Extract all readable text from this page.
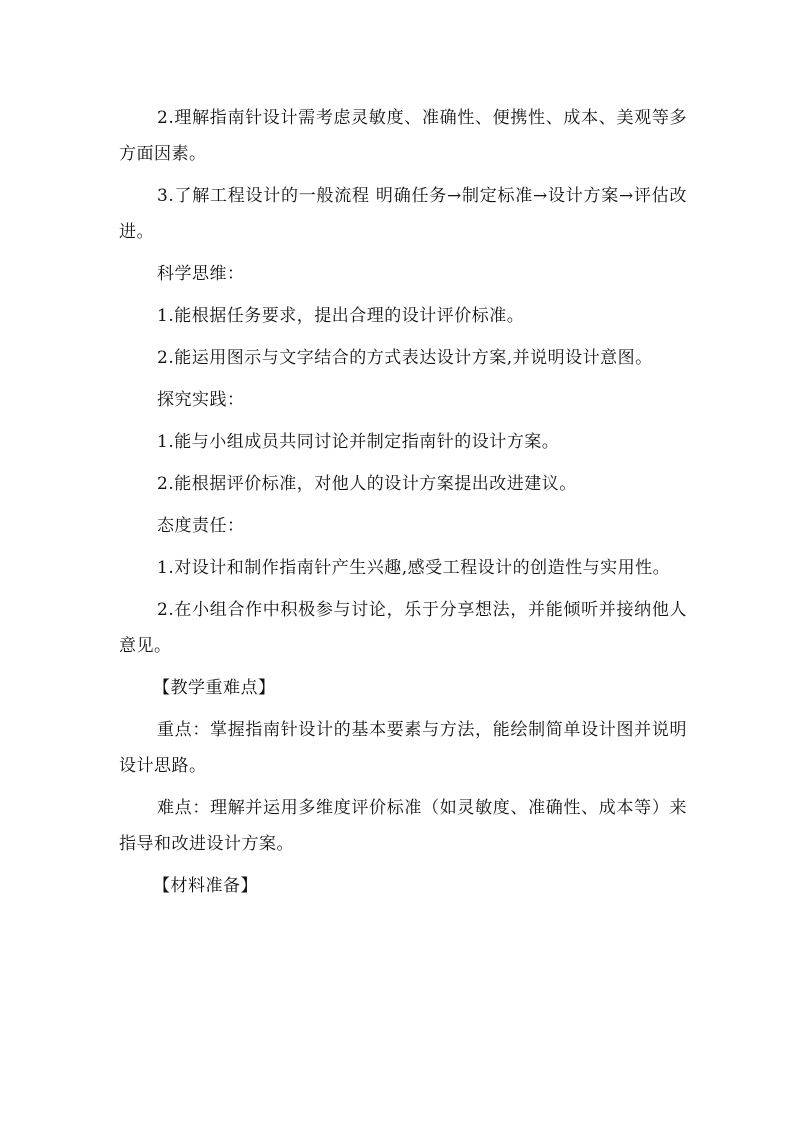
2.理解指南针设计需考虑灵敏度、准确性、便携性、成本、美观等多方面因素。

3.了解工程设计的一般流程 明确任务→制定标准→设计方案→评估改进。

科学思维：

1.能根据任务要求，提出合理的设计评价标准。

2.能运用图示与文字结合的方式表达设计方案,并说明设计意图。

探究实践：

1.能与小组成员共同讨论并制定指南针的设计方案。

2.能根据评价标准，对他人的设计方案提出改进建议。

态度责任：

1.对设计和制作指南针产生兴趣,感受工程设计的创造性与实用性。

2.在小组合作中积极参与讨论，乐于分享想法，并能倾听并接纳他人意见。

【教学重难点】

重点：掌握指南针设计的基本要素与方法，能绘制简单设计图并说明设计思路。

难点：理解并运用多维度评价标准（如灵敏度、准确性、成本等）来指导和改进设计方案。

【材料准备】
